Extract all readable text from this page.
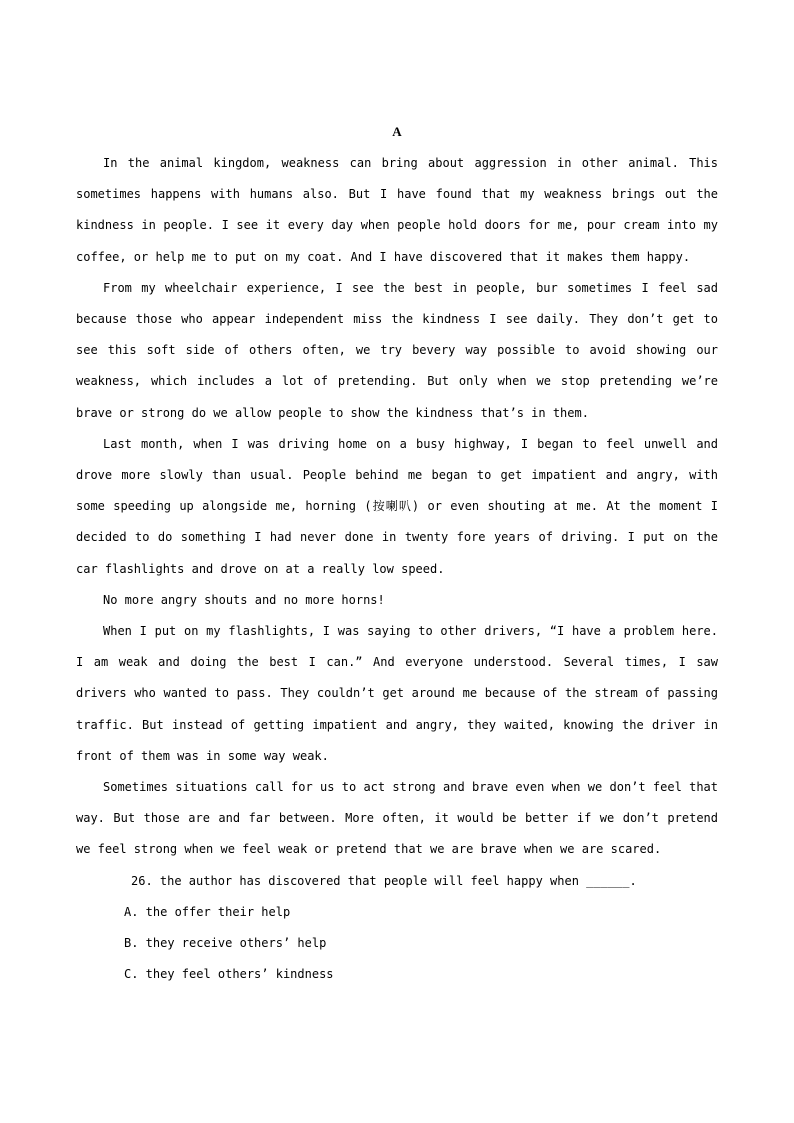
A

In the animal kingdom, weakness can bring about aggression in other animal. This sometimes happens with humans also. But I have found that my weakness brings out the kindness in people. I see it every day when people hold doors for me, pour cream into my coffee, or help me to put on my coat. And I have discovered that it makes them happy.

From my wheelchair experience, I see the best in people, bur sometimes I feel sad because those who appear independent miss the kindness I see daily. They don’t get to see this soft side of others often, we try bevery way possible to avoid showing our weakness, which includes a lot of pretending. But only when we stop pretending we’re brave or strong do we allow people to show the kindness that’s in them.

Last month, when I was driving home on a busy highway, I began to feel unwell and drove more slowly than usual. People behind me began to get impatient and angry, with some speeding up alongside me, horning (按喇叭) or even shouting at me. At the moment I decided to do something I had never done in twenty fore years of driving. I put on the car flashlights and drove on at a really low speed.

No more angry shouts and no more horns!

When I put on my flashlights, I was saying to other drivers, “I have a problem here. I am weak and doing the best I can.” And everyone understood. Several times, I saw drivers who wanted to pass. They couldn’t get around me because of the stream of passing traffic. But instead of getting impatient and angry, they waited, knowing the driver in front of them was in some way weak.

Sometimes situations call for us to act strong and brave even when we don’t feel that way. But those are and far between. More often, it would be better if we don’t pretend we feel strong when we feel weak or pretend that we are brave when we are scared.

26. the author has discovered that people will feel happy when ______.

A. the offer their help
B. they receive others’ help
C. they feel others’ kindness
